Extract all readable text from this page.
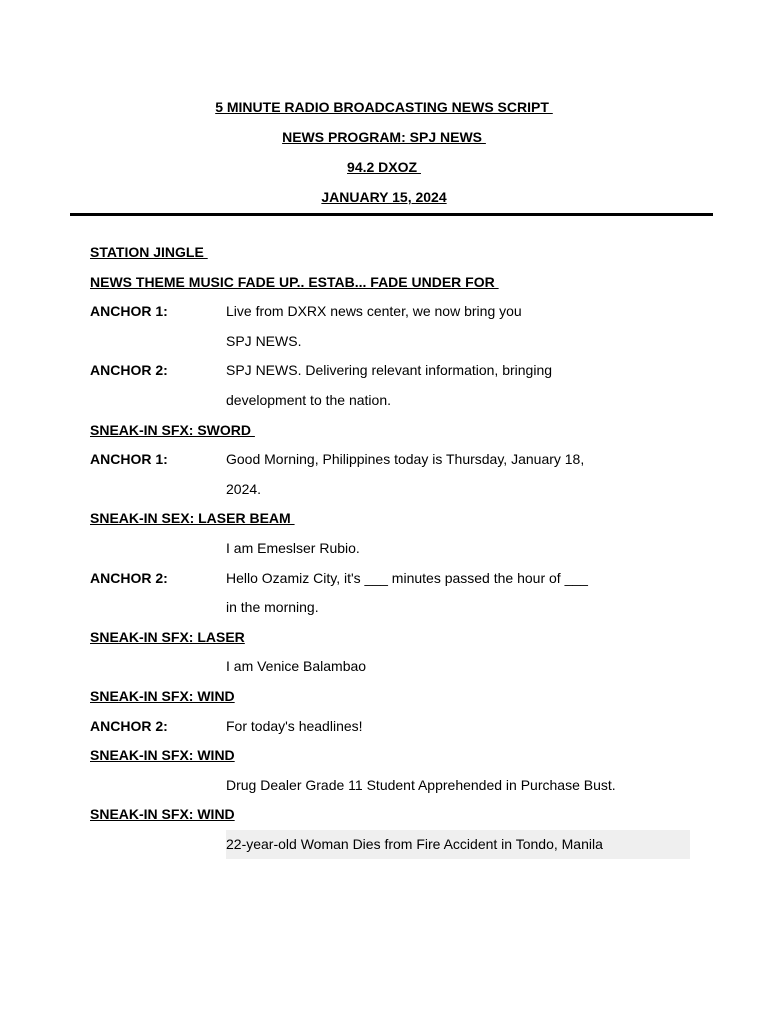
5 MINUTE RADIO BROADCASTING NEWS SCRIPT
NEWS PROGRAM: SPJ NEWS
94.2 DXOZ
JANUARY 15, 2024
STATION JINGLE
NEWS THEME MUSIC FADE UP.. ESTAB... FADE UNDER FOR
ANCHOR 1:	Live from DXRX news center, we now bring you
SPJ NEWS.
ANCHOR 2:	SPJ NEWS. Delivering relevant information, bringing
development to the nation.
SNEAK-IN SFX: SWORD
ANCHOR 1:	Good Morning, Philippines today is Thursday, January 18,
2024.
SNEAK-IN SEX: LASER BEAM
I am Emeslser Rubio.
ANCHOR 2:	Hello Ozamiz City, it's ___ minutes passed the hour of ___
in the morning.
SNEAK-IN SFX: LASER
I am Venice Balambao
SNEAK-IN SFX: WIND
ANCHOR 2:	For today's headlines!
SNEAK-IN SFX: WIND
Drug Dealer Grade 11 Student Apprehended in Purchase Bust.
SNEAK-IN SFX: WIND
22-year-old Woman Dies from Fire Accident in Tondo, Manila
